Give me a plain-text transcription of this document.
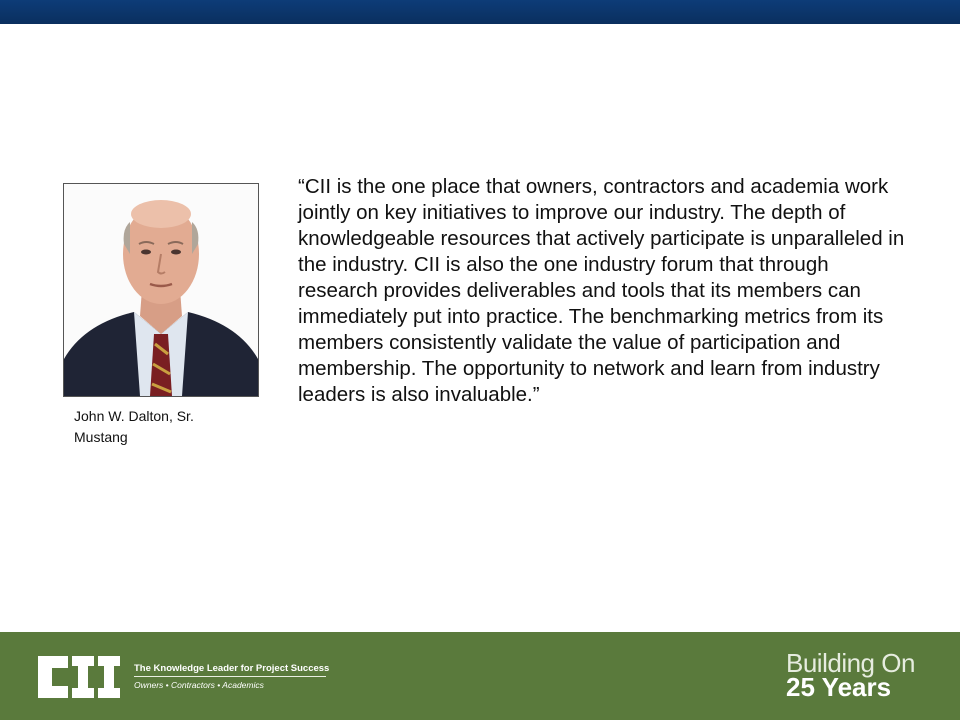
John W. Dalton, Sr.
Mustang

“CII is the one place that owners, contractors and academia work jointly on key initiatives to improve our industry. The depth of knowledgeable resources that actively participate is unparalleled in the industry. CII is also the one industry forum that through research provides deliverables and tools that its members can immediately put into practice. The benchmarking metrics from its members consistently validate the value of participation and membership. The opportunity to network and learn from industry leaders is also invaluable.”

The Knowledge Leader for Project Success
Owners • Contractors • Academics
Building On
25 Years
